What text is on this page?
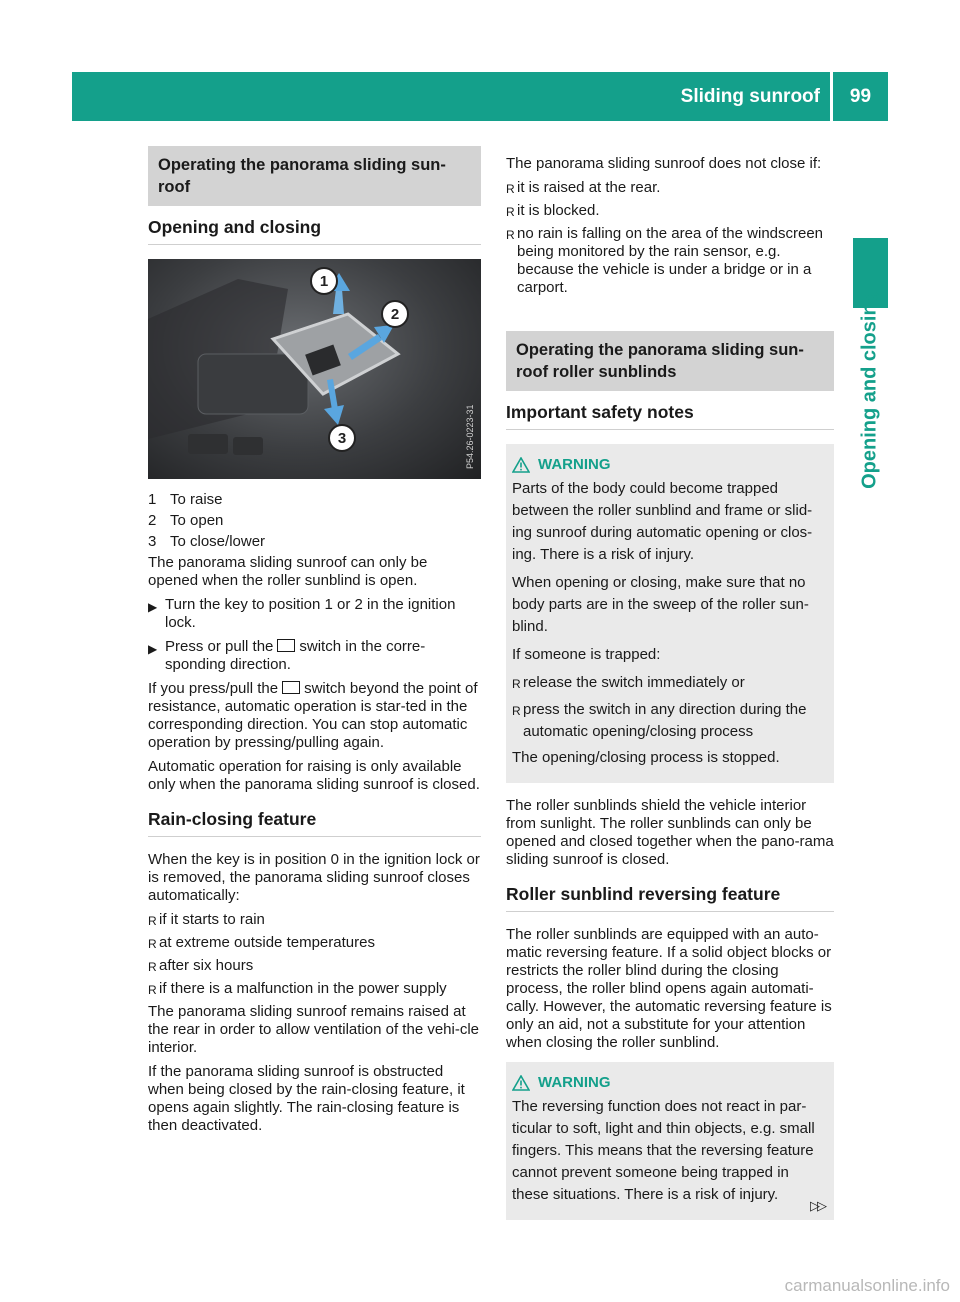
Sliding sunroof	99
Opening and closing
Operating the panorama sliding sun-roof
Opening and closing
1
2
3	P54.26-0223-31
1 To raise
2 To open
3 To close/lower

The panorama sliding sunroof can only be opened when the roller sunblind is open.

▶ Turn the key to position 1 or 2 in the ignition lock.
▶ Press or pull the switch in the corre-sponding direction.

If you press/pull the switch beyond the point of resistance, automatic operation is star-ted in the corresponding direction. You can stop automatic operation by pressing/pulling again.

Automatic operation for raising is only available only when the panorama sliding sunroof is closed.

Rain-closing feature

When the key is in position 0 in the ignition lock or is removed, the panorama sliding sunroof closes automatically:

R if it starts to rain
R at extreme outside temperatures
R after six hours
R if there is a malfunction in the power supply

The panorama sliding sunroof remains raised at the rear in order to allow ventilation of the vehi-cle interior.

If the panorama sliding sunroof is obstructed when being closed by the rain-closing feature, it opens again slightly. The rain-closing feature is then deactivated.

The panorama sliding sunroof does not close if:

R it is raised at the rear.
R it is blocked.
R no rain is falling on the area of the windscreen being monitored by the rain sensor, e.g. because the vehicle is under a bridge or in a carport.
Operating the panorama sliding sun-roof roller sunblinds
Important safety notes
WARNING

Parts of the body could become trapped between the roller sunblind and frame or slid-ing sunroof during automatic opening or clos-ing. There is a risk of injury.

When opening or closing, make sure that no body parts are in the sweep of the roller sun-blind.

If someone is trapped:

R release the switch immediately or
R press the switch in any direction during the automatic opening/closing process

The opening/closing process is stopped.

The roller sunblinds shield the vehicle interior from sunlight. The roller sunblinds can only be opened and closed together when the pano-rama sliding sunroof is closed.

Roller sunblind reversing feature

The roller sunblinds are equipped with an auto-matic reversing feature. If a solid object blocks or restricts the roller blind during the closing process, the roller blind opens again automati-cally. However, the automatic reversing feature is only an aid, not a substitute for your attention when closing the roller sunblind.

WARNING

The reversing function does not react in par-ticular to soft, light and thin objects, e.g. small fingers. This means that the reversing feature cannot prevent someone being trapped in these situations. There is a risk of injury.

▷▷
carmanualsonline.info
